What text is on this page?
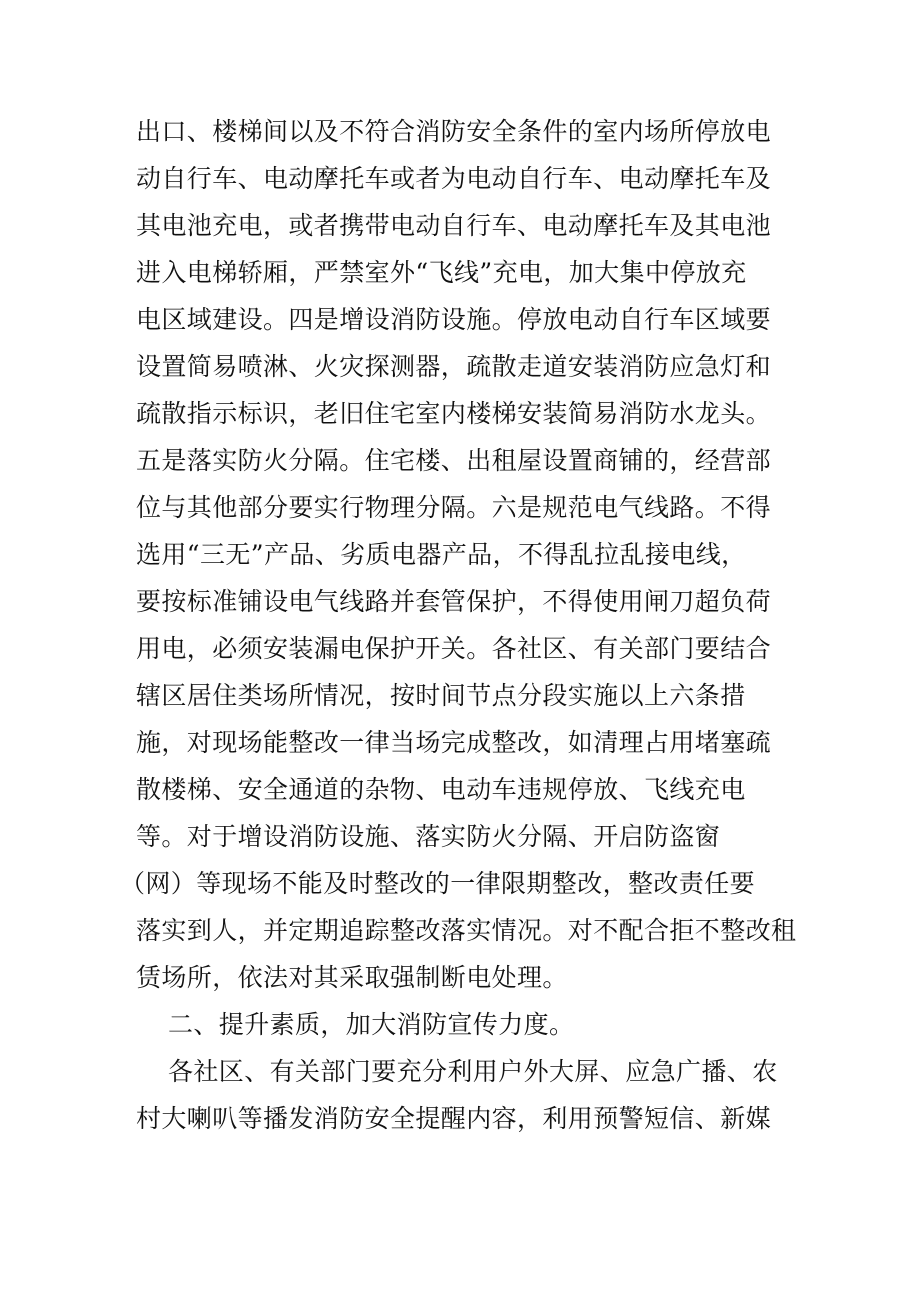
出口、楼梯间以及不符合消防安全条件的室内场所停放电
动自行车、电动摩托车或者为电动自行车、电动摩托车及
其电池充电，或者携带电动自行车、电动摩托车及其电池
进入电梯轿厢，严禁室外“飞线”充电，加大集中停放充
电区域建设。四是增设消防设施。停放电动自行车区域要
设置简易喷淋、火灾探测器，疏散走道安装消防应急灯和
疏散指示标识，老旧住宅室内楼梯安装简易消防水龙头。
五是落实防火分隔。住宅楼、出租屋设置商铺的，经营部
位与其他部分要实行物理分隔。六是规范电气线路。不得
选用“三无”产品、劣质电器产品，不得乱拉乱接电线，
要按标准铺设电气线路并套管保护，不得使用闸刀超负荷
用电，必须安装漏电保护开关。各社区、有关部门要结合
辖区居住类场所情况，按时间节点分段实施以上六条措
施，对现场能整改一律当场完成整改，如清理占用堵塞疏
散楼梯、安全通道的杂物、电动车违规停放、飞线充电
等。对于增设消防设施、落实防火分隔、开启防盗窗
（网）等现场不能及时整改的一律限期整改，整改责任要
落实到人，并定期追踪整改落实情况。对不配合拒不整改租
赁场所，依法对其采取强制断电处理。
二、提升素质，加大消防宣传力度。
各社区、有关部门要充分利用户外大屏、应急广播、农
村大喇叭等播发消防安全提醒内容，利用预警短信、新媒
